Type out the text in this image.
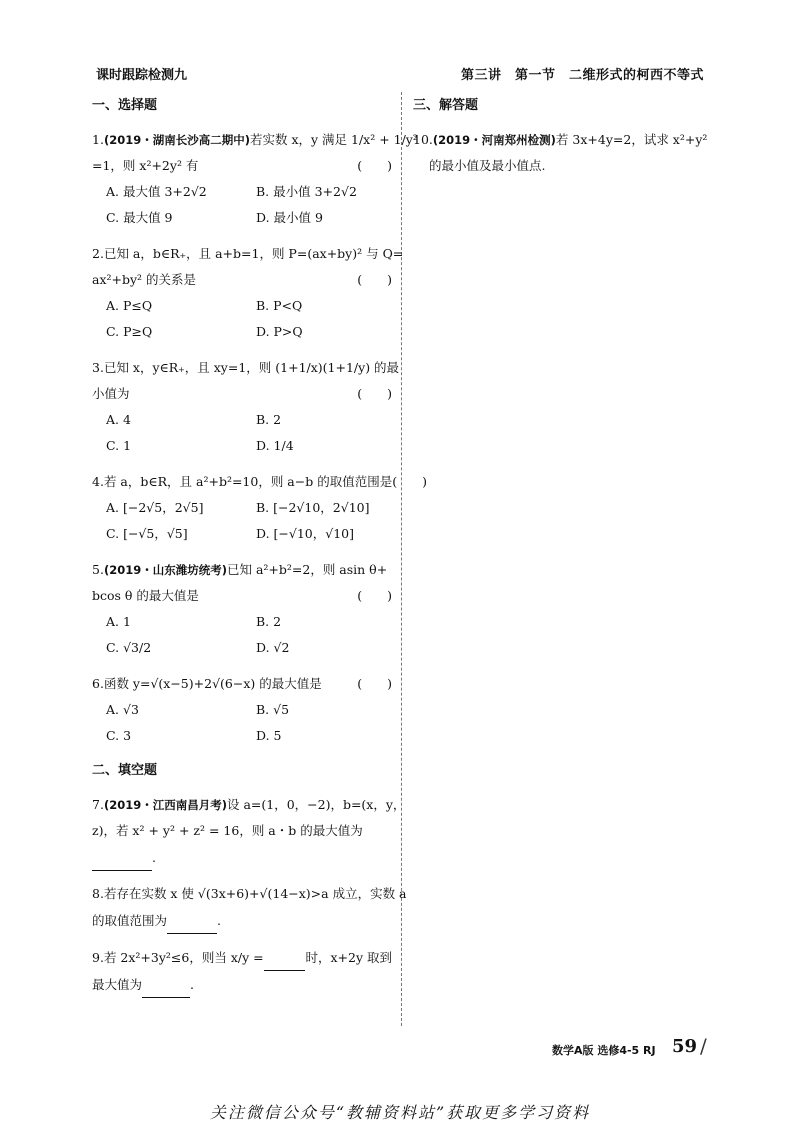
课时跟踪检测九	第三讲　第一节　二维形式的柯西不等式
一、选择题
1.(2019・湖南长沙高二期中)若实数 x，y 满足 1/x² + 1/y²
=1，则 x²+2y² 有	(　　)
A. 最大值 3+2√2	B. 最小值 3+2√2
C. 最大值 9	D. 最小值 9
2.已知 a，b∈R₊，且 a+b=1，则 P=(ax+by)² 与 Q=
ax²+by² 的关系是	(　　)
A. P≤Q	B. P<Q
C. P≥Q	D. P>Q
3.已知 x，y∈R₊，且 xy=1，则 (1+1/x)(1+1/y) 的最
小值为	(　　)
A. 4	B. 2
C. 1	D. 1/4
4.若 a，b∈R，且 a²+b²=10，则 a−b 的取值范围是 (　　)
A. [−2√5，2√5]	B. [−2√10，2√10]
C. [−√5，√5]	D. [−√10，√10]
5.(2019・山东潍坊统考)已知 a²+b²=2，则 asin θ+
bcos θ 的最大值是	(　　)
A. 1	B. 2
C. √3/2	D. √2
6.函数 y=√(x−5)+2√(6−x) 的最大值是	(　　)
A. √3	B. √5
C. 3	D. 5
二、填空题
7.(2019・江西南昌月考)设 a=(1，0，−2)，b=(x，y，
z)，若 x² + y² + z² = 16，则 a・b 的最大值为

.
8.若存在实数 x 使 √(3x+6)+√(14−x)>a 成立，实数 a
的取值范围为
	.
9. 若 2x²+3y²≤6，则当 x/y =
	时，x+2y 取到
最大值为
	.
三、解答题
10. (2019・河南郑州检测) 若 3x+4y=2，试求 x²+y²
的最小值及最小值点.
数学A版 选修4-5 RJ 59 /
关注微信公众号“教辅资料站”获取更多学习资料
